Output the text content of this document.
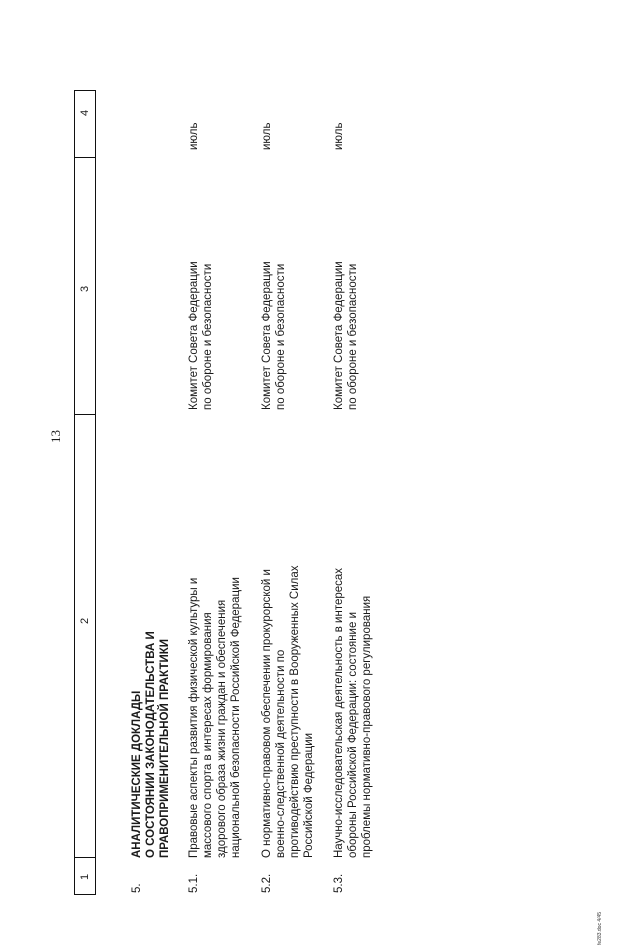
13
1
2
3
4
5.
АНАЛИТИЧЕСКИЕ ДОКЛАДЫ О СОСТОЯНИИ ЗАКОНОДАТЕЛЬСТВА И ПРАВОПРИМЕНИТЕЛЬНОЙ ПРАКТИКИ
5.1.
Правовые аспекты развития физической культуры и массового спорта в интересах формирования здорового образа жизни граждан и обеспечения национальной безопасности Российской Федерации
Комитет Совета Федерации по обороне и безопасности
июль
5.2.
О нормативно-правовом обеспечении прокурорской и военно-следственной деятельности по противодействию преступности в Вооруженных Силах Российской Федерации
Комитет Совета Федерации по обороне и безопасности
июль
5.3.
Научно-исследовательская деятельность в интересах обороны Российской Федерации: состояние и проблемы нормативно-правового регулирования
Комитет Совета Федерации по обороне и безопасности
июль
fe283.doc 4/45
